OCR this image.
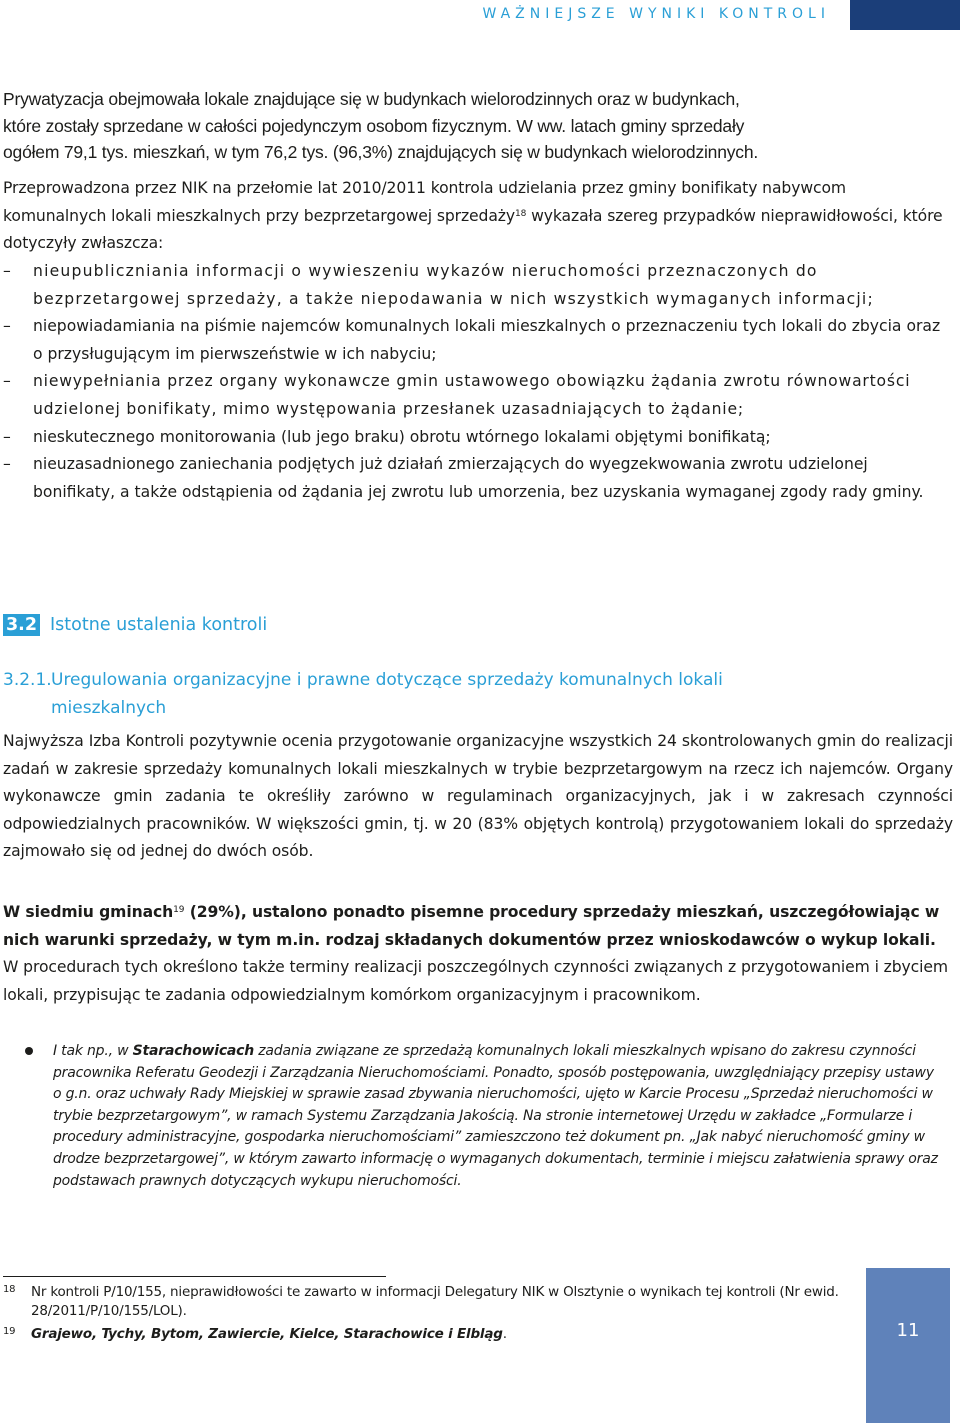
WAŻNIEJSZE WYNIKI KONTROLI
Prywatyzacja obejmowała lokale znajdujące się w budynkach wielorodzinnych oraz w budynkach,
które zostały sprzedane w całości pojedynczym osobom fizycznym. W ww. latach gminy sprzedały
ogółem 79,1 tys. mieszkań, w tym 76,2 tys. (96,3%) znajdujących się w budynkach wielorodzinnych.
Przeprowadzona przez NIK na przełomie lat 2010/2011 kontrola udzielania przez gminy bonifikaty nabywcom komunalnych lokali mieszkalnych przy bezprzetargowej sprzedaży$^{18}$ wykazała szereg przypadków nieprawidłowości, które dotyczyły zwłaszcza:
– nieupubliczniania informacji o wywieszeniu wykazów nieruchomości przeznaczonych do bezprzetargowej sprzedaży, a także niepodawania w nich wszystkich wymaganych informacji;
– niepowiadamiania na piśmie najemców komunalnych lokali mieszkalnych o przeznaczeniu tych lokali do zbycia oraz o przysługującym im pierwszeństwie w ich nabyciu;
– niewypełniania przez organy wykonawcze gmin ustawowego obowiązku żądania zwrotu równowartości udzielonej bonifikaty, mimo występowania przesłanek uzasadniających to żądanie;
– nieskutecznego monitorowania (lub jego braku) obrotu wtórnego lokalami objętymi bonifikatą;
– nieuzasadnionego zaniechania podjętych już działań zmierzających do wyegzekwowania zwrotu udzielonej bonifikaty, a także odstąpienia od żądania jej zwrotu lub umorzenia, bez uzyskania wymaganej zgody rady gminy.
3.2 Istotne ustalenia kontroli
3.2.1.Uregulowania organizacyjne i prawne dotyczące sprzedaży komunalnych lokali
mieszkalnych
Najwyższa Izba Kontroli pozytywnie ocenia przygotowanie organizacyjne wszystkich 24 skontrolowanych gmin do realizacji zadań w zakresie sprzedaży komunalnych lokali mieszkalnych w trybie bezprzetargowym na rzecz ich najemców. Organy wykonawcze gmin zadania te określiły zarówno w regulaminach organizacyjnych, jak i w zakresach czynności odpowiedzialnych pracowników. W większości gmin, tj. w 20 (83% objętych kontrolą) przygotowaniem lokali do sprzedaży zajmowało się od jednej do dwóch osób.
W siedmiu gminach$^{19}$ (29%), ustalono ponadto pisemne procedury sprzedaży mieszkań, uszczegółowiając w nich warunki sprzedaży, w tym m.in. rodzaj składanych dokumentów przez wnioskodawców o wykup lokali. W procedurach tych określono także terminy realizacji poszczególnych czynności związanych z przygotowaniem i zbyciem lokali, przypisując te zadania odpowiedzialnym komórkom organizacyjnym i pracownikom.
I tak np., w Starachowicach zadania związane ze sprzedażą komunalnych lokali mieszkalnych wpisano do zakresu czynności pracownika Referatu Geodezji i Zarządzania Nieruchomościami. Ponadto, sposób postępowania, uwzględniający przepisy ustawy o g.n. oraz uchwały Rady Miejskiej w sprawie zasad zbywania nieruchomości, ujęto w Karcie Procesu „Sprzedaż nieruchomości w trybie bezprzetargowym”, w ramach Systemu Zarządzania Jakością. Na stronie internetowej Urzędu w zakładce „Formularze i procedury administracyjne, gospodarka nieruchomościami” zamieszczono też dokument pn. „Jak nabyć nieruchomość gminy w drodze bezprzetargowej”, w którym zawarto informację o wymaganych dokumentach, terminie i miejscu załatwienia sprawy oraz podstawach prawnych dotyczących wykupu nieruchomości.
18 Nr kontroli P/10/155, nieprawidłowości te zawarto w informacji Delegatury NIK w Olsztynie o wynikach tej kontroli (Nr ewid. 28/2011/P/10/155/LOL).
19 Grajewo, Tychy, Bytom, Zawiercie, Kielce, Starachowice i Elbląg.	11
